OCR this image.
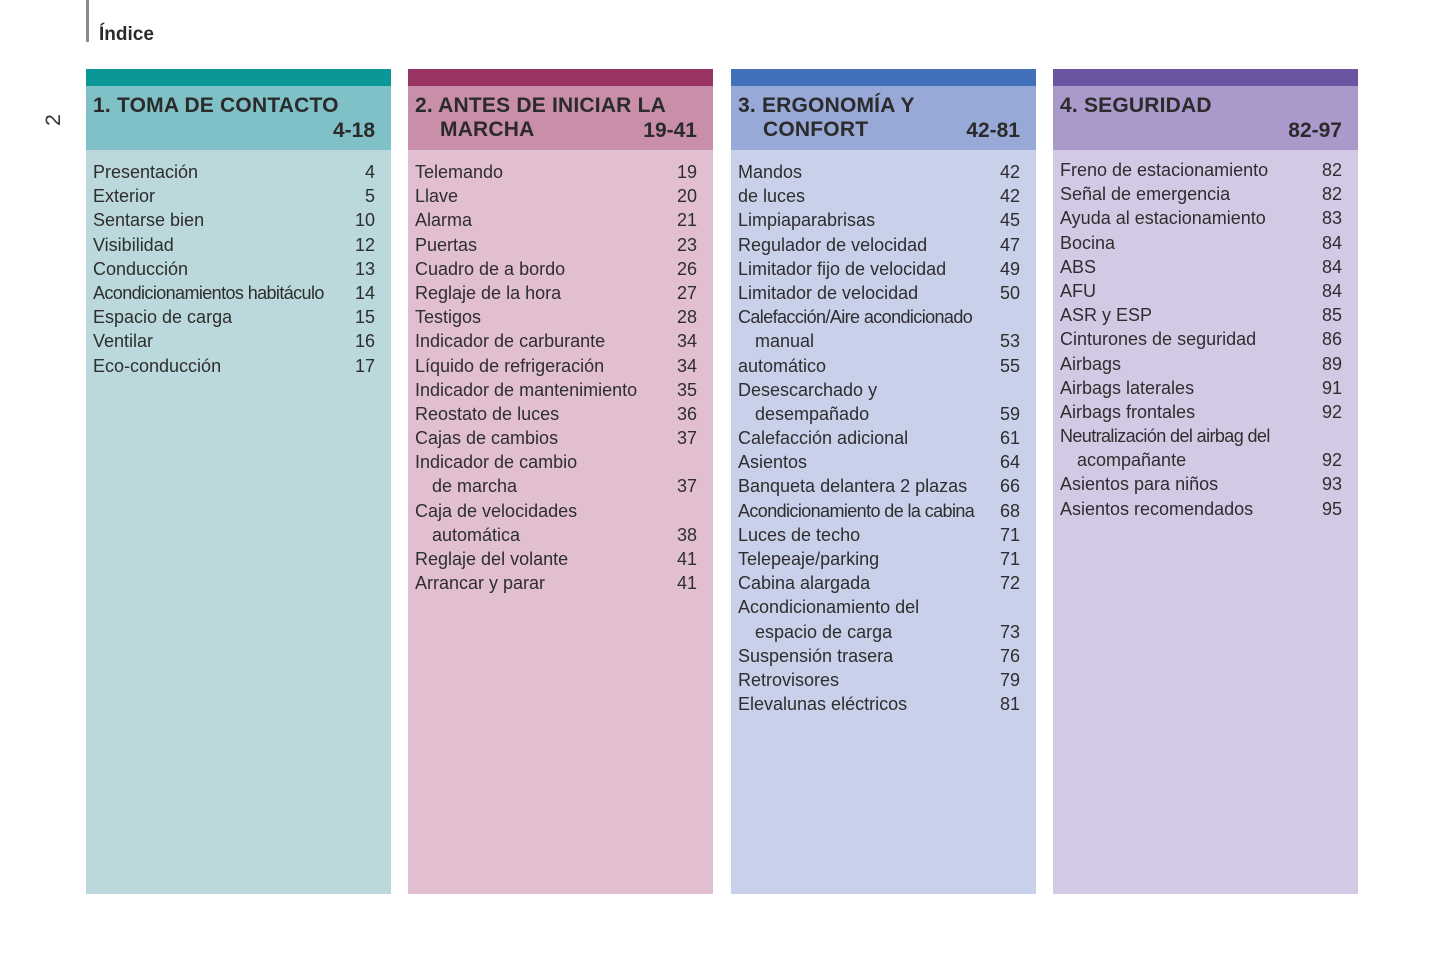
Índice
2
1. TOMA DE CONTACTO
4-18
Presentación	4
Exterior	5
Sentarse bien	10
Visibilidad	12
Conducción	13
Acondicionamientos habitáculo 14
Espacio de carga	15
Ventilar	16
Eco-conducción	17
2. ANTES DE INICIAR LA
MARCHA	19-41
Telemando	19
Llave	20
Alarma	21
Puertas	23
Cuadro de a bordo	26
Reglaje de la hora	27
Testigos	28
Indicador de carburante	34
Líquido de refrigeración	34
Indicador de mantenimiento 35
Reostato de luces	36
Cajas de cambios	37
Indicador de cambio
de marcha	37
Caja de velocidades
automática	38
Reglaje del volante	41
Arrancar y parar	41
3. ERGONOMÍA Y
CONFORT	42-81
Mandos	42
de luces	42
Limpiaparabrisas	45
Regulador de velocidad	47
Limitador fijo de velocidad	49
Limitador de velocidad	50
Calefacción/Aire acondicionado
manual	53
automático	55
Desescarchado y
desempañado	59
Calefacción adicional	61
Asientos	64
Banqueta delantera 2 plazas 66
Acondicionamiento de la cabina 68
Luces de techo	71
Telepeaje/parking	71
Cabina alargada	72
Acondicionamiento del
espacio de carga	73
Suspensión trasera	76
Retrovisores	79
Elevalunas eléctricos	81
4. SEGURIDAD
82-97
Freno de estacionamiento	82
Señal de emergencia	82
Ayuda al estacionamiento	83
Bocina	84
ABS	84
AFU	84
ASR y ESP	85
Cinturones de seguridad	86
Airbags	89
Airbags laterales	91
Airbags frontales	92
Neutralización del airbag del
acompañante	92
Asientos para niños	93
Asientos recomendados	95
